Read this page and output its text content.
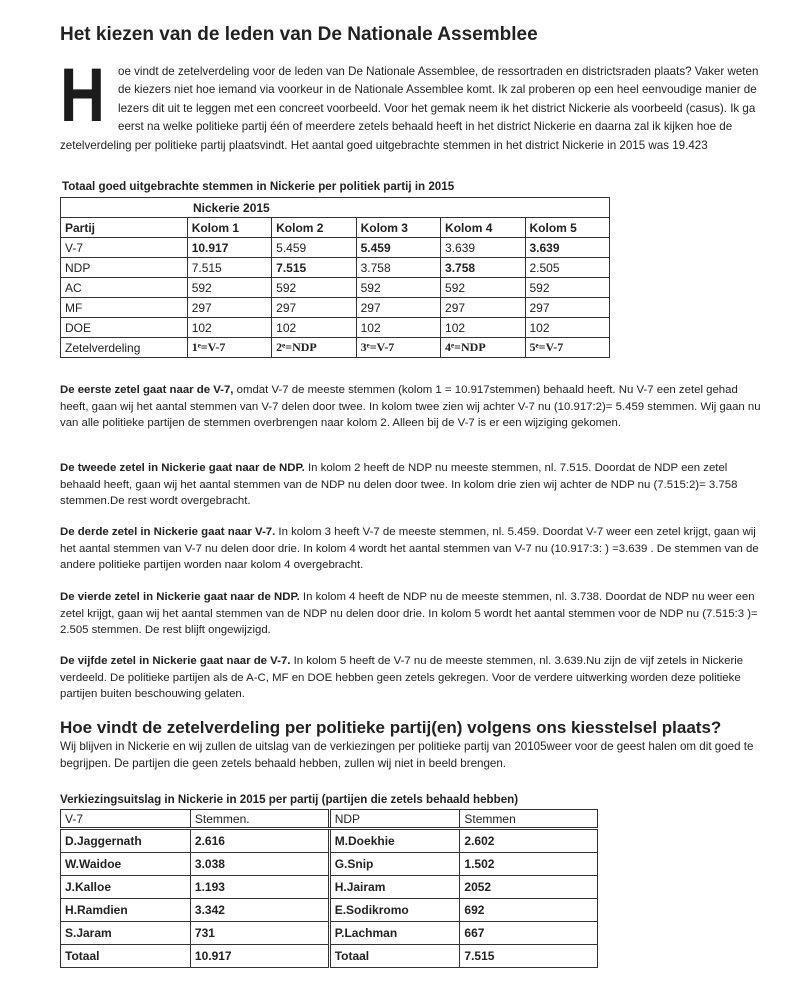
Het kiezen van de leden van De Nationale Assemblee
H oe vindt de zetelverdeling voor de leden van De Nationale Assemblee, de ressortraden en districtsraden plaats? Vaker weten de kiezers niet hoe iemand via voorkeur in de Nationale Assemblee komt. Ik zal proberen op een heel eenvoudige manier de lezers dit uit te leggen met een concreet voorbeeld. Voor het gemak neem ik het district Nickerie als voorbeeld (casus). Ik ga eerst na welke politieke partij één of meerdere zetels behaald heeft in het district Nickerie en daarna zal ik kijken hoe de zetelverdeling per politieke partij plaatsvindt. Het aantal goed uitgebrachte stemmen in het district Nickerie in 2015 was 19.423
Totaal goed uitgebrachte stemmen in Nickerie per politiek partij in 2015
Nickerie 2015					
Partij	Kolom 1	Kolom 2	Kolom 3	Kolom 4	Kolom 5
V-7	10.917	5.459	5.459	3.639	3.639
NDP	7.515	7.515	3.758	3.758	2.505
AC	592	592	592	592	592
MF	297	297	297	297	297
DOE	102	102	102	102	102
Zetelverdeling	1ᵉ=V-7	2ᵉ=NDP	3ᵉ=V-7	4ᵉ=NDP	5ᵉ=V-7

De eerste zetel gaat naar de V-7, omdat V-7 de meeste stemmen (kolom 1 = 10.917stemmen) behaald heeft. Nu V-7 een zetel gehad heeft, gaan wij het aantal stemmen van V-7 delen door twee. In kolom twee zien wij achter V-7 nu (10.917:2)= 5.459 stemmen. Wij gaan nu van alle politieke partijen de stemmen overbrengen naar kolom 2. Alleen bij de V-7 is er een wijziging gekomen.

De tweede zetel in Nickerie gaat naar de NDP. In kolom 2 heeft de NDP nu meeste stemmen, nl. 7.515. Doordat de NDP een zetel behaald heeft, gaan wij het aantal stemmen van de NDP nu delen door twee. In kolom drie zien wij achter de NDP nu (7.515:2)= 3.758 stemmen.De rest wordt overgebracht.

De derde zetel in Nickerie gaat naar V-7. In kolom 3 heeft V-7 de meeste stemmen, nl. 5.459. Doordat V-7 weer een zetel krijgt, gaan wij het aantal stemmen van V-7 nu delen door drie. In kolom 4 wordt het aantal stemmen van V-7 nu (10.917:3: ) =3.639 . De stemmen van de andere politieke partijen worden naar kolom 4 overgebracht.

De vierde zetel in Nickerie gaat naar de NDP. In kolom 4 heeft de NDP nu de meeste stemmen, nl. 3.738. Doordat de NDP nu weer een zetel krijgt, gaan wij het aantal stemmen van de NDP nu delen door drie. In kolom 5 wordt het aantal stemmen voor de NDP nu (7.515:3 )= 2.505 stemmen. De rest blijft ongewijzigd.

De vijfde zetel in Nickerie gaat naar de V-7. In kolom 5 heeft de V-7 nu de meeste stemmen, nl. 3.639.Nu zijn de vijf zetels in Nickerie verdeeld. De politieke partijen als de A-C, MF en DOE hebben geen zetels gekregen. Voor de verdere uitwerking worden deze politieke partijen buiten beschouwing gelaten.

Hoe vindt de zetelverdeling per politieke partij(en) volgens ons kiesstelsel plaats?

Wij blijven in Nickerie en wij zullen de uitslag van de verkiezingen per politieke partij van 20105weer voor de geest halen om dit goed te begrijpen. De partijen die geen zetels behaald hebben, zullen wij niet in beeld brengen.

Verkiezingsuitslag in Nickerie in 2015 per partij (partijen die zetels behaald hebben)
V-7	Stemmen.	NDP	Stemmen
D.Jaggernath	2.616	M.Doekhie	2.602
W.Waidoe	3.038	G.Snip	1.502
J.Kalloe	1.193	H.Jairam	2052
H.Ramdien	3.342	E.Sodikromo	692
S.Jaram	731	P.Lachman	667
Totaal	10.917	Totaal	7.515
